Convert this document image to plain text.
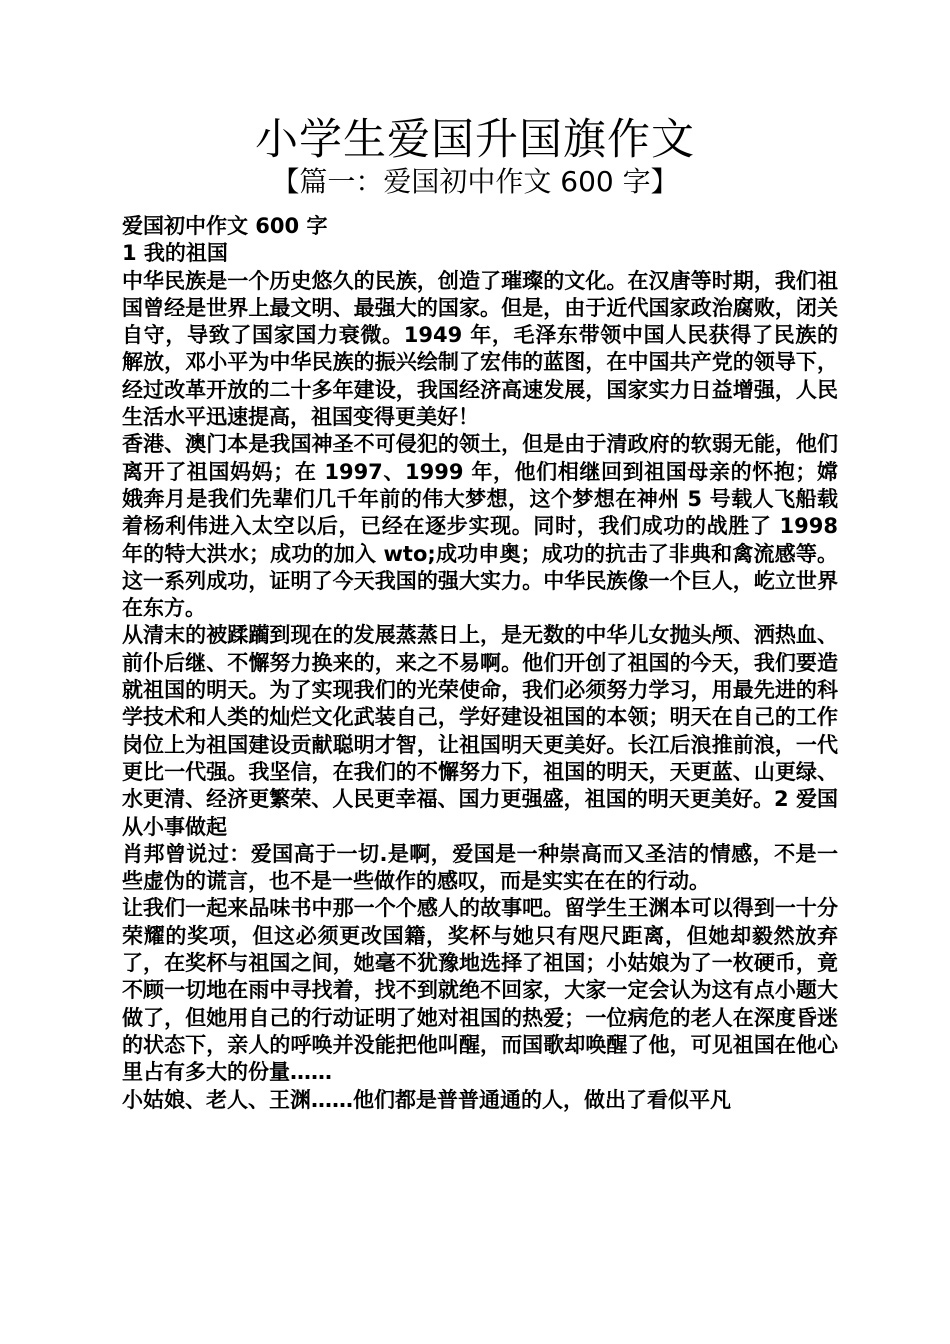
小学生爱国升国旗作文
【篇一：爱国初中作文 600 字】

爱国初中作文 600 字

1 我的祖国

中华民族是一个历史悠久的民族，创造了璀璨的文化。在汉唐等时期，我们祖国曾经是世界上最文明、最强大的国家。但是，由于近代国家政治腐败，闭关自守，导致了国家国力衰微。1949 年，毛泽东带领中国人民获得了民族的解放，邓小平为中华民族的振兴绘制了宏伟的蓝图，在中国共产党的领导下，经过改革开放的二十多年建设，我国经济高速发展，国家实力日益增强，人民生活水平迅速提高，祖国变得更美好！

香港、澳门本是我国神圣不可侵犯的领土，但是由于清政府的软弱无能，他们离开了祖国妈妈；在 1997、1999 年，他们相继回到祖国母亲的怀抱；嫦娥奔月是我们先辈们几千年前的伟大梦想，这个梦想在神州 5 号载人飞船载着杨利伟进入太空以后，已经在逐步实现。同时，我们成功的战胜了 1998 年的特大洪水；成功的加入 wto;成功申奥；成功的抗击了非典和禽流感等。这一系列成功，证明了今天我国的强大实力。中华民族像一个巨人，屹立世界在东方。

从清末的被蹂躏到现在的发展蒸蒸日上，是无数的中华儿女抛头颅、洒热血、前仆后继、不懈努力换来的，来之不易啊。他们开创了祖国的今天，我们要造就祖国的明天。为了实现我们的光荣使命，我们必须努力学习，用最先进的科学技术和人类的灿烂文化武装自己，学好建设祖国的本领；明天在自己的工作岗位上为祖国建设贡献聪明才智，让祖国明天更美好。长江后浪推前浪，一代更比一代强。我坚信，在我们的不懈努力下，祖国的明天，天更蓝、山更绿、水更清、经济更繁荣、人民更幸福、国力更强盛，祖国的明天更美好。2 爱国从小事做起

肖邦曾说过：爱国高于一切.是啊，爱国是一种崇高而又圣洁的情感，不是一些虚伪的谎言，也不是一些做作的感叹，而是实实在在的行动。

让我们一起来品味书中那一个个感人的故事吧。留学生王渊本可以得到一十分荣耀的奖项，但这必须更改国籍，奖杯与她只有咫尺距离，但她却毅然放弃了，在奖杯与祖国之间，她毫不犹豫地选择了祖国；小姑娘为了一枚硬币，竟不顾一切地在雨中寻找着，找不到就绝不回家，大家一定会认为这有点小题大做了，但她用自己的行动证明了她对祖国的热爱；一位病危的老人在深度昏迷的状态下，亲人的呼唤并没能把他叫醒，而国歌却唤醒了他，可见祖国在他心里占有多大的份量……

小姑娘、老人、王渊……他们都是普普通通的人，做出了看似平凡
